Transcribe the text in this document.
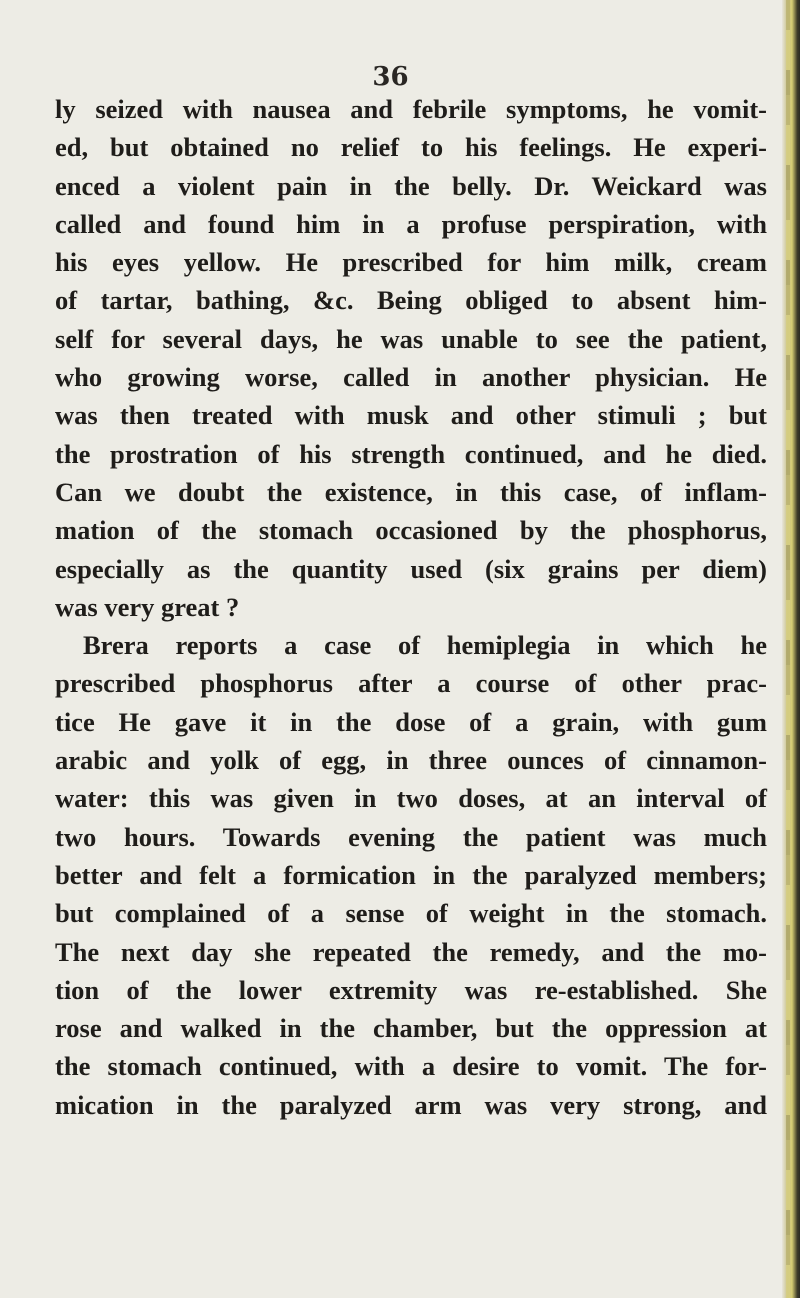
36
ly seized with nausea and febrile symptoms, he vomit-
ed, but obtained no relief to his feelings. He experi-
enced a violent pain in the belly. Dr. Weickard was
called and found him in a profuse perspiration, with
his eyes yellow. He prescribed for him milk, cream
of tartar, bathing, &c. Being obliged to absent him-
self for several days, he was unable to see the patient,
who growing worse, called in another physician. He
was then treated with musk and other stimuli ; but
the prostration of his strength continued, and he died.
Can we doubt the existence, in this case, of inflam-
mation of the stomach occasioned by the phosphorus,
especially as the quantity used (six grains per diem)
was very great ?
Brera reports a case of hemiplegia in which he
prescribed phosphorus after a course of other prac-
tice He gave it in the dose of a grain, with gum
arabic and yolk of egg, in three ounces of cinnamon-
water: this was given in two doses, at an interval of
two hours. Towards evening the patient was much
better and felt a formication in the paralyzed members;
but complained of a sense of weight in the stomach.
The next day she repeated the remedy, and the mo-
tion of the lower extremity was re-established. She
rose and walked in the chamber, but the oppression at
the stomach continued, with a desire to vomit. The for-
mication in the paralyzed arm was very strong, and
